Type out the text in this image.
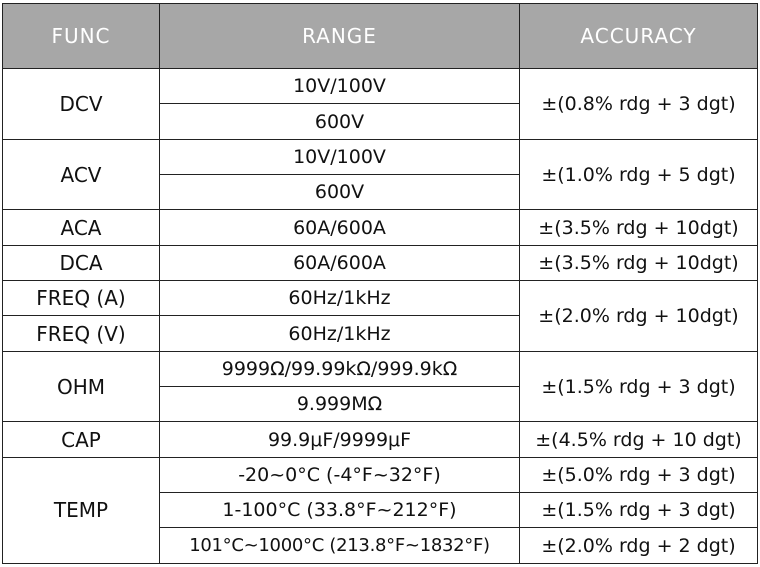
FUNC	RANGE	ACCURACY
DCV	10V/100V	±(0.8% rdg + 3 dgt)
	600V	
ACV	10V/100V	±(1.0% rdg + 5 dgt)
	600V	
ACA	60A/600A	±(3.5% rdg + 10dgt)
DCA	60A/600A	±(3.5% rdg + 10dgt)
FREQ (A)	60Hz/1kHz	±(2.0% rdg + 10dgt)
FREQ (V)	60Hz/1kHz	
OHM	9999Ω/99.99kΩ/999.9kΩ	±(1.5% rdg + 3 dgt)
	9.999MΩ	
CAP	99.9μF/9999μF	±(4.5% rdg + 10 dgt)
TEMP	-20~0°C (-4°F~32°F)	±(5.0% rdg + 3 dgt)
	1-100°C (33.8°F~212°F)	±(1.5% rdg + 3 dgt)
	101°C~1000°C (213.8°F~1832°F)	±(2.0% rdg + 2 dgt)
